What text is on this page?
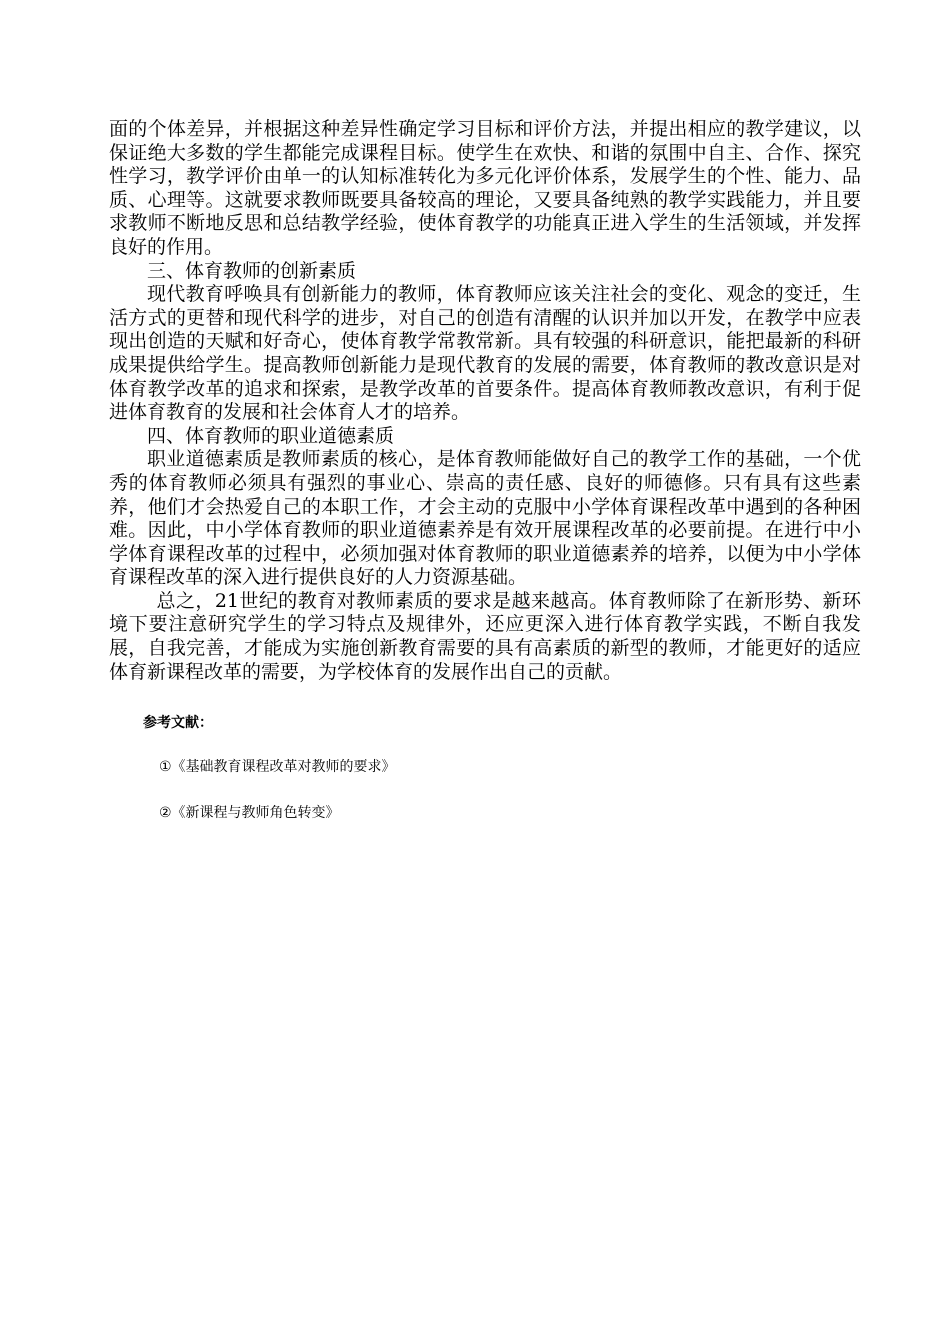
面的个体差异，并根据这种差异性确定学习目标和评价方法，并提出相应的教学建议，以保证绝大多数的学生都能完成课程目标。使学生在欢快、和谐的氛围中自主、合作、探究性学习，教学评价由单一的认知标准转化为多元化评价体系，发展学生的个性、能力、品质、心理等。这就要求教师既要具备较高的理论，又要具备纯熟的教学实践能力，并且要求教师不断地反思和总结教学经验，使体育教学的功能真正进入学生的生活领域，并发挥良好的作用。

三、体育教师的创新素质

现代教育呼唤具有创新能力的教师，体育教师应该关注社会的变化、观念的变迁，生活方式的更替和现代科学的进步，对自己的创造有清醒的认识并加以开发，在教学中应表现出创造的天赋和好奇心，使体育教学常教常新。具有较强的科研意识，能把最新的科研成果提供给学生。提高教师创新能力是现代教育的发展的需要，体育教师的教改意识是对体育教学改革的追求和探索，是教学改革的首要条件。提高体育教师教改意识，有利于促进体育教育的发展和社会体育人才的培养。

四、体育教师的职业道德素质

职业道德素质是教师素质的核心，是体育教师能做好自己的教学工作的基础，一个优秀的体育教师必须具有强烈的事业心、崇高的责任感、良好的师德修。只有具有这些素养，他们才会热爱自己的本职工作，才会主动的克服中小学体育课程改革中遇到的各种困难。因此，中小学体育教师的职业道德素养是有效开展课程改革的必要前提。在进行中小学体育课程改革的过程中，必须加强对体育教师的职业道德素养的培养，以便为中小学体育课程改革的深入进行提供良好的人力资源基础。

总之，21世纪的教育对教师素质的要求是越来越高。体育教师除了在新形势、新环境下要注意研究学生的学习特点及规律外，还应更深入进行体育教学实践，不断自我发展，自我完善，才能成为实施创新教育需要的具有高素质的新型的教师，才能更好的适应体育新课程改革的需要，为学校体育的发展作出自己的贡献。

参考文献：

①《基础教育课程改革对教师的要求》

②《新课程与教师角色转变》
